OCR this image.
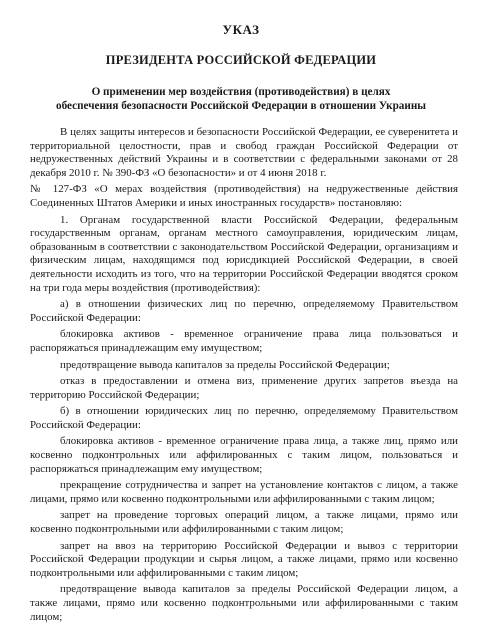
УКАЗ
ПРЕЗИДЕНТА РОССИЙСКОЙ ФЕДЕРАЦИИ
О применении мер воздействия (противодействия) в целях
обеспечения безопасности Российской Федерации в отношении Украины

В целях защиты интересов и безопасности Российской Федерации, ее суверенитета и территориальной целостности, прав и свобод граждан Российской Федерации от недружественных действий Украины и в соответствии с федеральными законами от 28 декабря 2010 г. № 390-ФЗ «О безопасности» и от 4 июня 2018 г.

№ 127-ФЗ «О мерах воздействия (противодействия) на недружественные действия Соединенных Штатов Америки и иных иностранных государств» постановляю:

1. Органам государственной власти Российской Федерации, федеральным государственным органам, органам местного самоуправления, юридическим лицам, образованным в соответствии с законодательством Российской Федерации, организациям и физическим лицам, находящимся под юрисдикцией Российской Федерации, в своей деятельности исходить из того, что на территории Российской Федерации вводятся сроком на три года меры воздействия (противодействия):

а) в отношении физических лиц по перечню, определяемому Правительством Российской Федерации:

блокировка активов - временное ограничение права лица пользоваться и распоряжаться принадлежащим ему имуществом;

предотвращение вывода капиталов за пределы Российской Федерации;

отказ в предоставлении и отмена виз, применение других запретов въезда на территорию Российской Федерации;

б) в отношении юридических лиц по перечню, определяемому Правительством Российской Федерации:

блокировка активов - временное ограничение права лица, а также лиц, прямо или косвенно подконтрольных или аффилированных с таким лицом, пользоваться и распоряжаться принадлежащим ему имуществом;

прекращение сотрудничества и запрет на установление контактов с лицом, а также лицами, прямо или косвенно подконтрольными или аффилированными с таким лицом;

запрет на проведение торговых операций лицом, а также лицами, прямо или косвенно подконтрольными или аффилированными с таким лицом;

запрет на ввоз на территорию Российской Федерации и вывоз с территории Российской Федерации продукции и сырья лицом, а также лицами, прямо или косвенно подконтрольными или аффилированными с таким лицом;

предотвращение вывода капиталов за пределы Российской Федерации лицом, а также лицами, прямо или косвенно подконтрольными или аффилированными с таким лицом;
